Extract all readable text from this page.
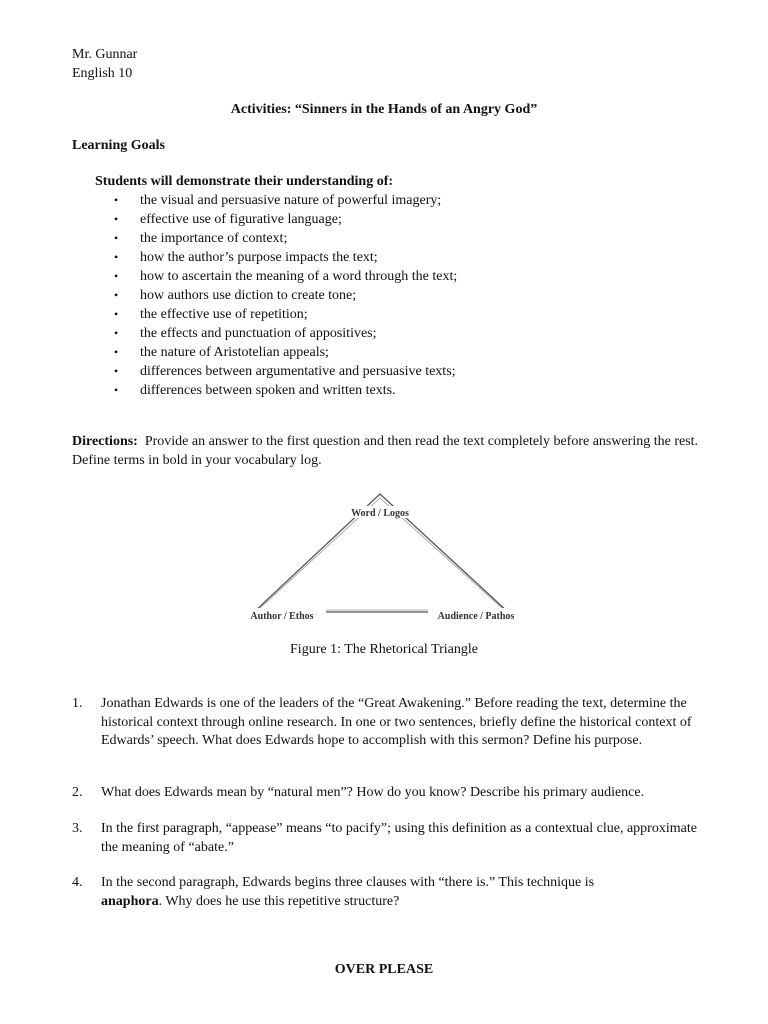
Mr. Gunnar
English 10
Activities: “Sinners in the Hands of an Angry God”
Learning Goals
Students will demonstrate their understanding of:
• the visual and persuasive nature of powerful imagery;
• effective use of figurative language;
• the importance of context;
• how the author’s purpose impacts the text;
• how to ascertain the meaning of a word through the text;
• how authors use diction to create tone;
• the effective use of repetition;
• the effects and punctuation of appositives;
• the nature of Aristotelian appeals;
• differences between argumentative and persuasive texts;
• differences between spoken and written texts.
Directions: Provide an answer to the first question and then read the text completely before answering the rest. Define terms in bold in your vocabulary log.
Word / Logos
Author / Ethos	Audience / Pathos
Figure 1: The Rhetorical Triangle
1. Jonathan Edwards is one of the leaders of the “Great Awakening.” Before reading the text, determine the historical context through online research. In one or two sentences, briefly define the historical context of Edwards’ speech. What does Edwards hope to accomplish with this sermon? Define his purpose.
2. What does Edwards mean by “natural men”? How do you know? Describe his primary audience.
3. In the first paragraph, “appease” means “to pacify”; using this definition as a contextual clue, approximate the meaning of “abate.”
4. In the second paragraph, Edwards begins three clauses with “there is.” This technique is
anaphora. Why does he use this repetitive structure?
OVER PLEASE
